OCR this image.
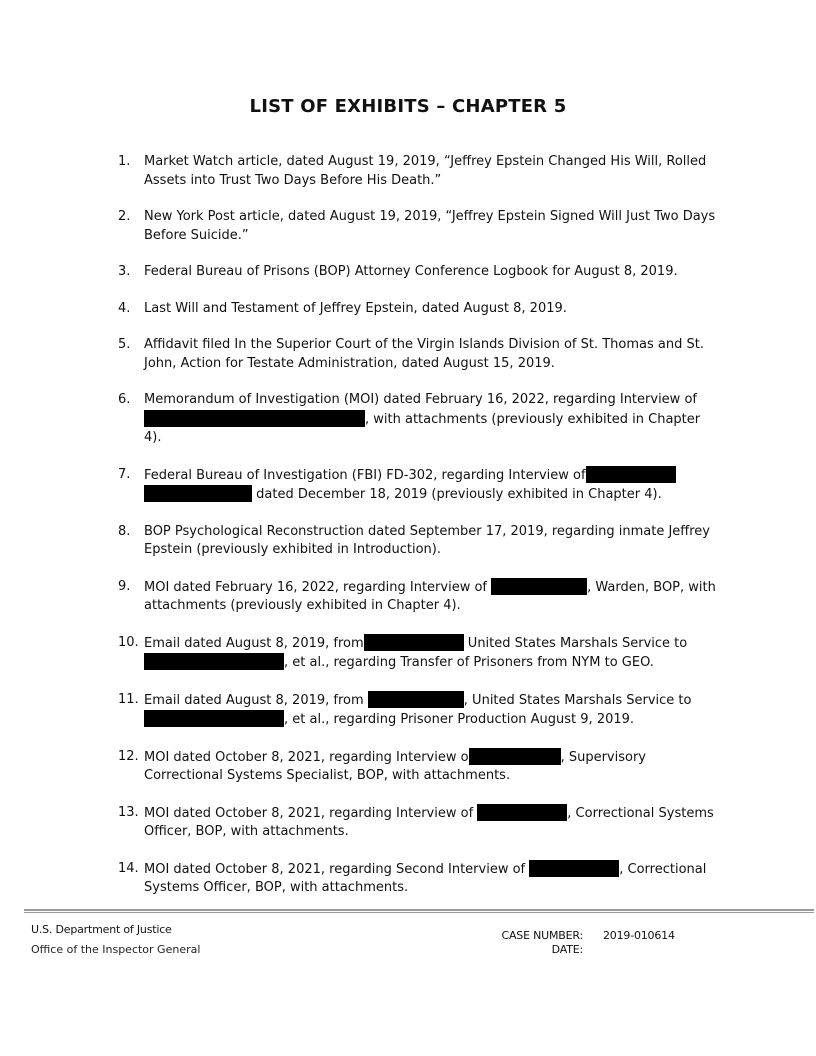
LIST OF EXHIBITS – CHAPTER 5
1.	Market Watch article, dated August 19, 2019, “Jeffrey Epstein Changed His Will, Rolled Assets into Trust Two Days Before His Death.”
2.	New York Post article, dated August 19, 2019, “Jeffrey Epstein Signed Will Just Two Days Before Suicide.”
3.	Federal Bureau of Prisons (BOP) Attorney Conference Logbook for August 8, 2019.
4.	Last Will and Testament of Jeffrey Epstein, dated August 8, 2019.
5.	Affidavit filed In the Superior Court of the Virgin Islands Division of St. Thomas and St. John, Action for Testate Administration, dated August 15, 2019.
6.	Memorandum of Investigation (MOI) dated February 16, 2022, regarding Interview of , with attachments (previously exhibited in Chapter 4).
7.	Federal Bureau of Investigation (FBI) FD-302, regarding Interview of dated December 18, 2019 (previously exhibited in Chapter 4).
8.	BOP Psychological Reconstruction dated September 17, 2019, regarding inmate Jeffrey Epstein (previously exhibited in Introduction).
9.	MOI dated February 16, 2022, regarding Interview of	, Warden, BOP, with attachments (previously exhibited in Chapter 4).
10. Email dated August 8, 2019, from	United States Marshals Service to , et al., regarding Transfer of Prisoners from NYM to GEO.
11. Email dated August 8, 2019, from	, United States Marshals Service to , et al., regarding Prisoner Production August 9, 2019.
12. MOI dated October 8, 2021, regarding Interview o	, Supervisory Correctional Systems Specialist, BOP, with attachments.
13. MOI dated October 8, 2021, regarding Interview of	, Correctional Systems Officer, BOP, with attachments.
14. MOI dated October 8, 2021, regarding Second Interview of	, Correctional Systems Officer, BOP, with attachments.
U.S. Department of Justice
Office of the Inspector General
CASE NUMBER: 2019-010614
DATE:
